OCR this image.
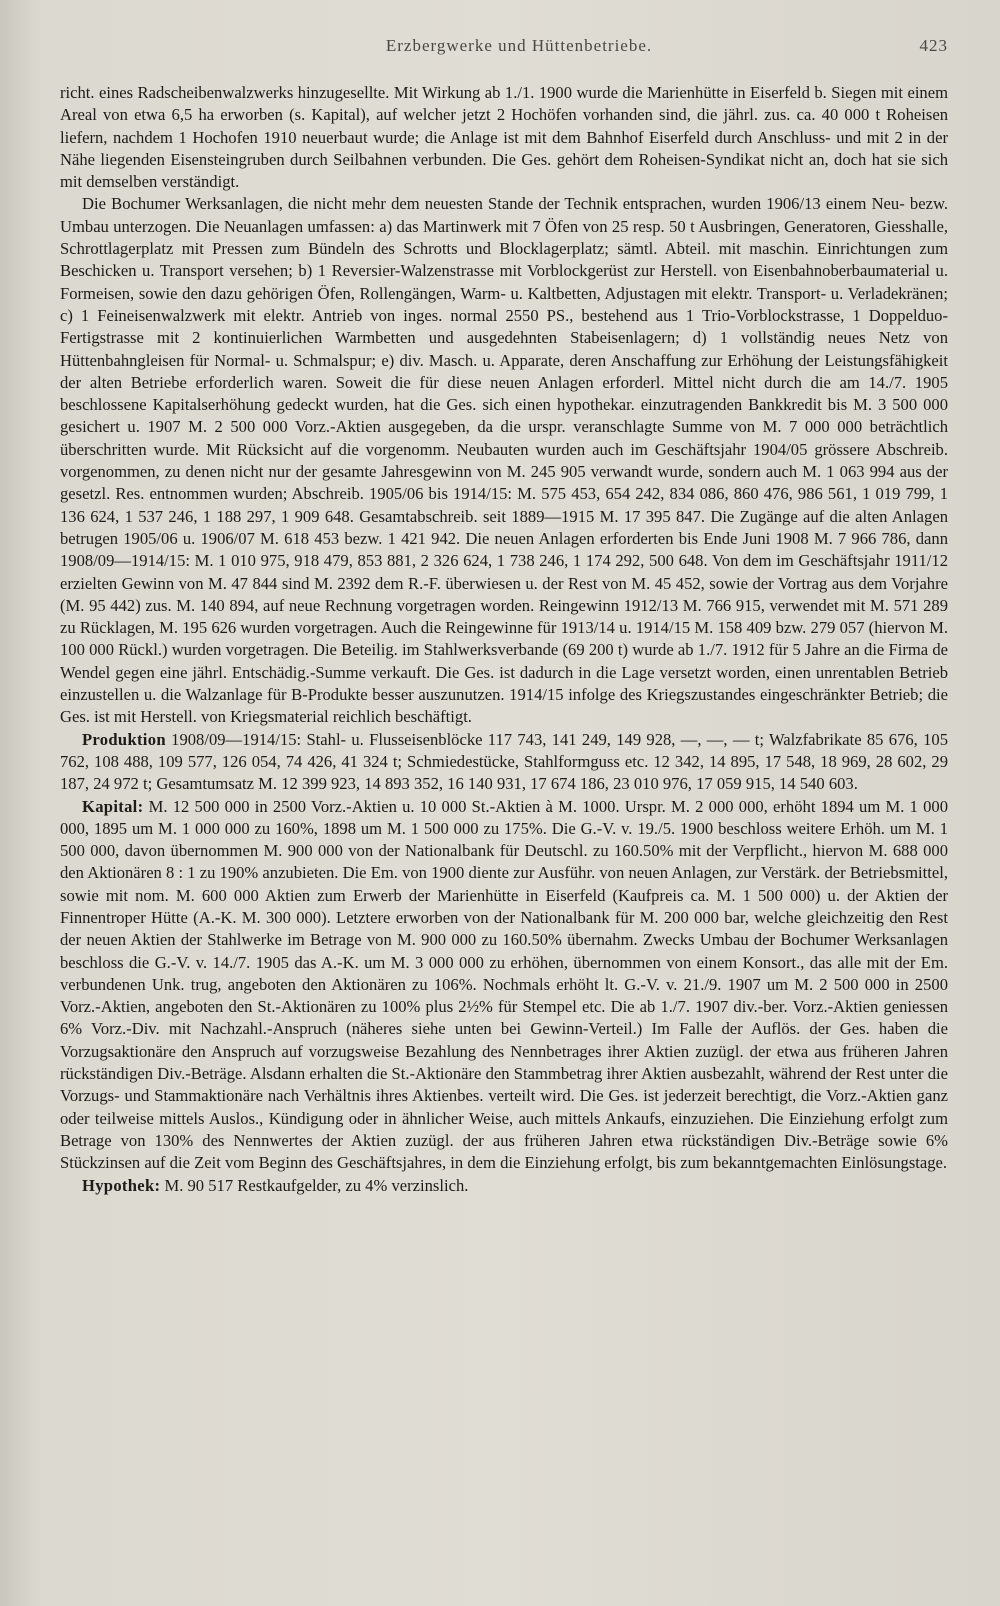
Erzbergwerke und Hüttenbetriebe.	423

richt. eines Radscheibenwalzwerks hinzugesellte. Mit Wirkung ab 1./1. 1900 wurde die Marienhütte in Eiserfeld b. Siegen mit einem Areal von etwa 6,5 ha erworben (s. Kapital), auf welcher jetzt 2 Hochöfen vorhanden sind, die jährl. zus. ca. 40 000 t Roheisen liefern, nachdem 1 Hochofen 1910 neuerbaut wurde; die Anlage ist mit dem Bahnhof Eiserfeld durch Anschluss- und mit 2 in der Nähe liegenden Eisensteingruben durch Seilbahnen verbunden. Die Ges. gehört dem Roheisen-Syndikat nicht an, doch hat sie sich mit demselben verständigt.

Die Bochumer Werksanlagen, die nicht mehr dem neuesten Stande der Technik entsprachen, wurden 1906/13 einem Neu- bezw. Umbau unterzogen. Die Neuanlagen umfassen: a) das Martinwerk mit 7 Öfen von 25 resp. 50 t Ausbringen, Generatoren, Giesshalle, Schrottlagerplatz mit Pressen zum Bündeln des Schrotts und Blocklagerplatz; sämtl. Abteil. mit maschin. Einrichtungen zum Beschicken u. Transport versehen; b) 1 Reversier-Walzenstrasse mit Vorblockgerüst zur Herstell. von Eisenbahnoberbaumaterial u. Formeisen, sowie den dazu gehörigen Öfen, Rollengängen, Warm- u. Kaltbetten, Adjustagen mit elektr. Transport- u. Verladekränen; c) 1 Feineisenwalzwerk mit elektr. Antrieb von inges. normal 2550 PS., bestehend aus 1 Trio-Vorblockstrasse, 1 Doppelduo-Fertigstrasse mit 2 kontinuierlichen Warmbetten und ausgedehnten Stabeisenlagern; d) 1 vollständig neues Netz von Hüttenbahngleisen für Normal- u. Schmalspur; e) div. Masch. u. Apparate, deren Anschaffung zur Erhöhung der Leistungsfähigkeit der alten Betriebe erforderlich waren. Soweit die für diese neuen Anlagen erforderl. Mittel nicht durch die am 14./7. 1905 beschlossene Kapitalserhöhung gedeckt wurden, hat die Ges. sich einen hypothekar. einzutragenden Bankkredit bis M. 3 500 000 gesichert u. 1907 M. 2 500 000 Vorz.-Aktien ausgegeben, da die urspr. veranschlagte Summe von M. 7 000 000 beträchtlich überschritten wurde. Mit Rücksicht auf die vorgenomm. Neubauten wurden auch im Geschäftsjahr 1904/05 grössere Abschreib. vorgenommen, zu denen nicht nur der gesamte Jahresgewinn von M. 245 905 verwandt wurde, sondern auch M. 1 063 994 aus der gesetzl. Res. entnommen wurden; Abschreib. 1905/06 bis 1914/15: M. 575 453, 654 242, 834 086, 860 476, 986 561, 1 019 799, 1 136 624, 1 537 246, 1 188 297, 1 909 648. Gesamtabschreib. seit 1889—1915 M. 17 395 847. Die Zugänge auf die alten Anlagen betrugen 1905/06 u. 1906/07 M. 618 453 bezw. 1 421 942. Die neuen Anlagen erforderten bis Ende Juni 1908 M. 7 966 786, dann 1908/09—1914/15: M. 1 010 975, 918 479, 853 881, 2 326 624, 1 738 246, 1 174 292, 500 648. Von dem im Geschäftsjahr 1911/12 erzielten Gewinn von M. 47 844 sind M. 2392 dem R.-F. überwiesen u. der Rest von M. 45 452, sowie der Vortrag aus dem Vorjahre (M. 95 442) zus. M. 140 894, auf neue Rechnung vorgetragen worden. Reingewinn 1912/13 M. 766 915, verwendet mit M. 571 289 zu Rücklagen, M. 195 626 wurden vorgetragen. Auch die Reingewinne für 1913/14 u. 1914/15 M. 158 409 bzw. 279 057 (hiervon M. 100 000 Rückl.) wurden vorgetragen. Die Beteilig. im Stahlwerksverbande (69 200 t) wurde ab 1./7. 1912 für 5 Jahre an die Firma de Wendel gegen eine jährl. Entschädig.-Summe verkauft. Die Ges. ist dadurch in die Lage versetzt worden, einen unrentablen Betrieb einzustellen u. die Walzanlage für B-Produkte besser auszunutzen. 1914/15 infolge des Kriegszustandes eingeschränkter Betrieb; die Ges. ist mit Herstell. von Kriegsmaterial reichlich beschäftigt.

Produktion 1908/09—1914/15: Stahl- u. Flusseisenblöcke 117 743, 141 249, 149 928, —, —, — t; Walzfabrikate 85 676, 105 762, 108 488, 109 577, 126 054, 74 426, 41 324 t; Schmiedestücke, Stahlformguss etc. 12 342, 14 895, 17 548, 18 969, 28 602, 29 187, 24 972 t; Gesamtumsatz M. 12 399 923, 14 893 352, 16 140 931, 17 674 186, 23 010 976, 17 059 915, 14 540 603.

Kapital: M. 12 500 000 in 2500 Vorz.-Aktien u. 10 000 St.-Aktien à M. 1000. Urspr. M. 2 000 000, erhöht 1894 um M. 1 000 000, 1895 um M. 1 000 000 zu 160%, 1898 um M. 1 500 000 zu 175%. Die G.-V. v. 19./5. 1900 beschloss weitere Erhöh. um M. 1 500 000, davon übernommen M. 900 000 von der Nationalbank für Deutschl. zu 160.50% mit der Verpflicht., hiervon M. 688 000 den Aktionären 8 : 1 zu 190% anzubieten. Die Em. von 1900 diente zur Ausführ. von neuen Anlagen, zur Verstärk. der Betriebsmittel, sowie mit nom. M. 600 000 Aktien zum Erwerb der Marienhütte in Eiserfeld (Kaufpreis ca. M. 1 500 000) u. der Aktien der Finnentroper Hütte (A.-K. M. 300 000). Letztere erworben von der Nationalbank für M. 200 000 bar, welche gleichzeitig den Rest der neuen Aktien der Stahlwerke im Betrage von M. 900 000 zu 160.50% übernahm. Zwecks Umbau der Bochumer Werksanlagen beschloss die G.-V. v. 14./7. 1905 das A.-K. um M. 3 000 000 zu erhöhen, übernommen von einem Konsort., das alle mit der Em. verbundenen Unk. trug, angeboten den Aktionären zu 106%. Nochmals erhöht lt. G.-V. v. 21./9. 1907 um M. 2 500 000 in 2500 Vorz.-Aktien, angeboten den St.-Aktionären zu 100% plus 2½% für Stempel etc. Die ab 1./7. 1907 div.-ber. Vorz.-Aktien geniessen 6% Vorz.-Div. mit Nachzahl.-Anspruch (näheres siehe unten bei Gewinn-Verteil.) Im Falle der Auflös. der Ges. haben die Vorzugsaktionäre den Anspruch auf vorzugsweise Bezahlung des Nennbetrages ihrer Aktien zuzügl. der etwa aus früheren Jahren rückständigen Div.-Beträge. Alsdann erhalten die St.-Aktionäre den Stammbetrag ihrer Aktien ausbezahlt, während der Rest unter die Vorzugs- und Stammaktionäre nach Verhältnis ihres Aktienbes. verteilt wird. Die Ges. ist jederzeit berechtigt, die Vorz.-Aktien ganz oder teilweise mittels Auslos., Kündigung oder in ähnlicher Weise, auch mittels Ankaufs, einzuziehen. Die Einziehung erfolgt zum Betrage von 130% des Nennwertes der Aktien zuzügl. der aus früheren Jahren etwa rückständigen Div.-Beträge sowie 6% Stückzinsen auf die Zeit vom Beginn des Geschäftsjahres, in dem die Einziehung erfolgt, bis zum bekanntgemachten Einlösungstage.

Hypothek: M. 90 517 Restkaufgelder, zu 4% verzinslich.
